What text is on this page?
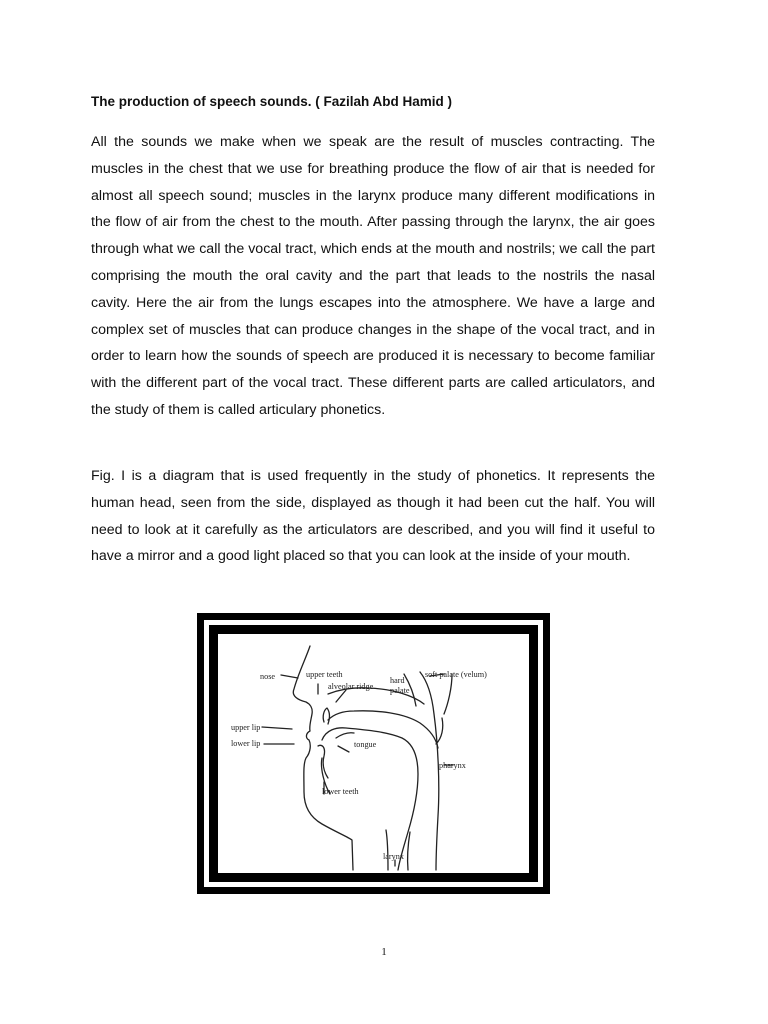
The production of speech sounds. ( Fazilah Abd Hamid )

All the sounds we make when we speak are the result of muscles contracting. The muscles in the chest that we use for breathing produce the flow of air that is needed for almost all speech sound; muscles in the larynx produce many different modifications in the flow of air from the chest to the mouth. After passing through the larynx, the air goes through what we call the vocal tract, which ends at the mouth and nostrils; we call the part comprising the mouth the oral cavity and the part that leads to the nostrils the nasal cavity. Here the air from the lungs escapes into the atmosphere. We have a large and complex set of muscles that can produce changes in the shape of the vocal tract, and in order to learn how the sounds of speech are produced it is necessary to become familiar with the different part of the vocal tract. These different parts are called articulators, and the study of them is called articulary phonetics.

Fig. I is a diagram that is used frequently in the study of phonetics. It represents the human head, seen from the side, displayed as though it had been cut the half. You will need to look at it carefully as the articulators are described, and you will find it useful to have a mirror and a good light placed so that you can look at the inside of your mouth.

nose	upper teeth
alveolar ridge
hard
palate
soft palate (velum)
upper lip
lower lip	tongue
pharynx
lower teeth
larynx
1
